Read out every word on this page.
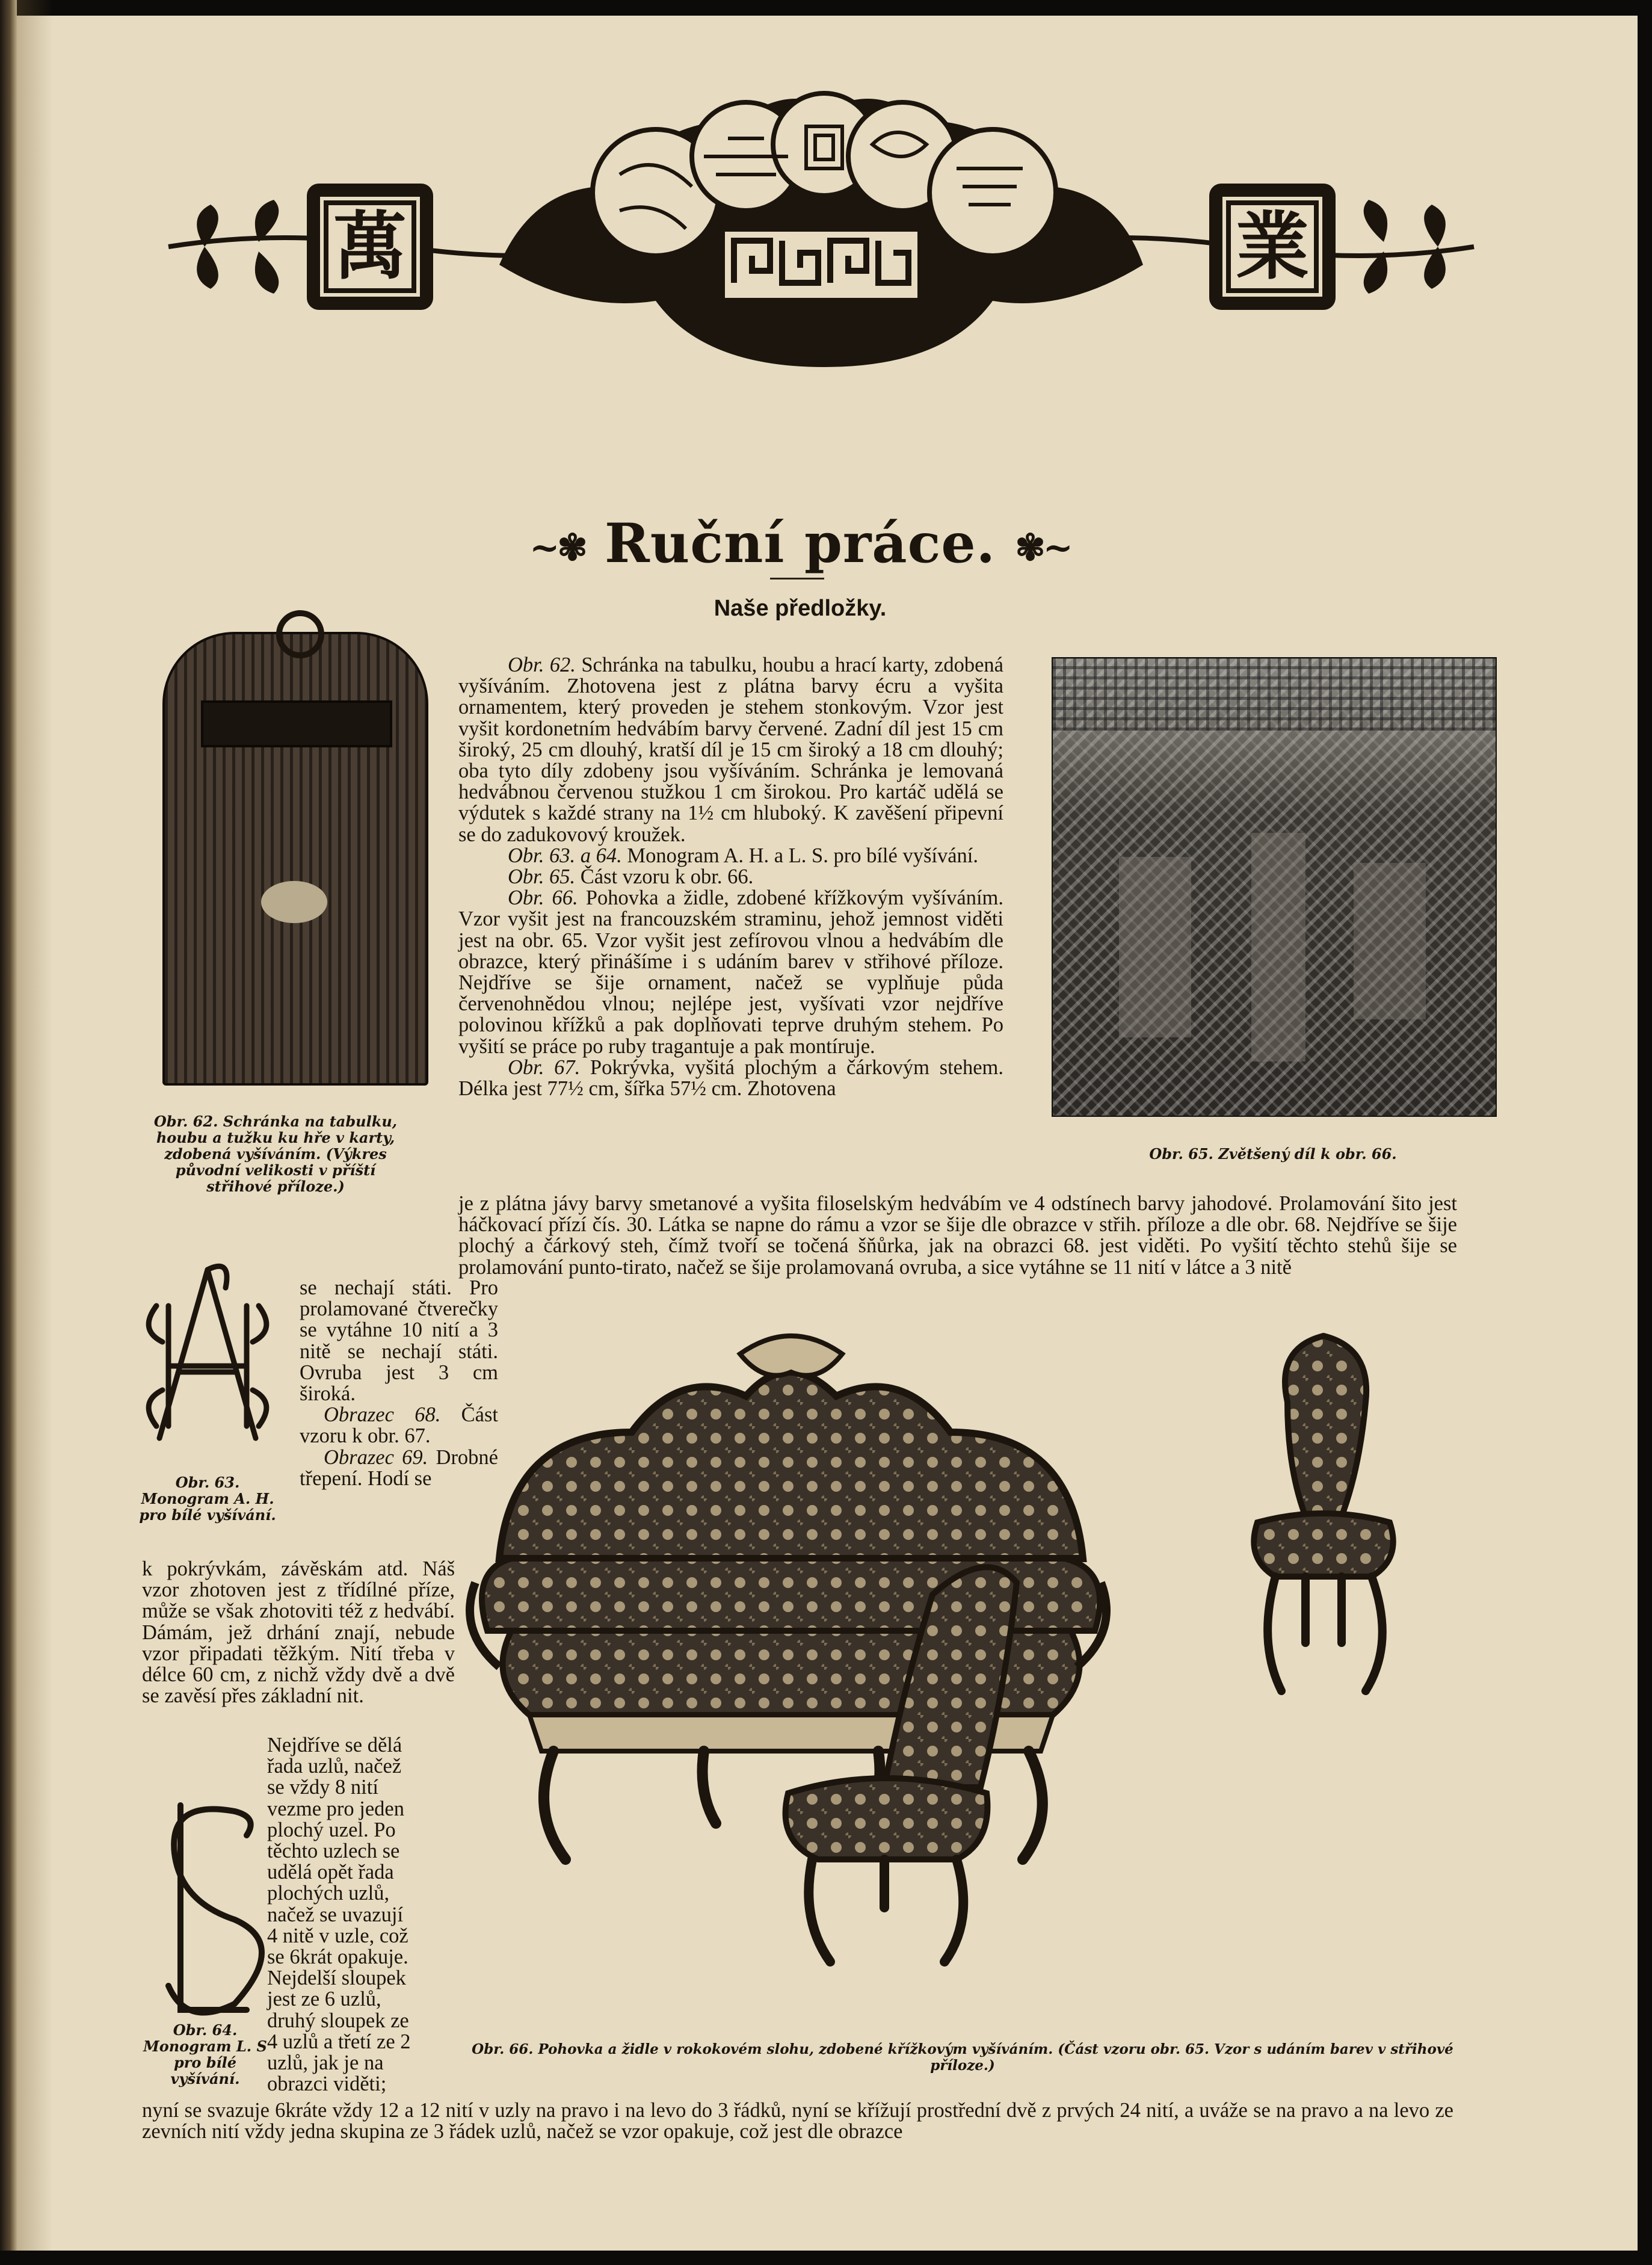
萬	業
~✾ Ruční práce. ✾~
Naše předložky.

Obr. 62. Schránka na tabulku, houbu a tužku ku hře v karty, zdobená vyšíváním. (Výkres původní velikosti v příští střihové příloze.)

Obr. 62. Schránka na tabulku, houbu a hrací karty, zdobená vyšíváním. Zhotovena jest z plátna barvy écru a vyšita ornamentem, který proveden je stehem stonkovým. Vzor jest vyšit kordonetním hedvábím barvy červené. Zadní díl jest 15 cm široký, 25 cm dlouhý, kratší díl je 15 cm široký a 18 cm dlouhý; oba tyto díly zdobeny jsou vyšíváním. Schránka je lemovaná hedvábnou červenou stužkou 1 cm širokou. Pro kartáč udělá se výdutek s každé strany na 1½ cm hluboký. K zavěšení připevní se do zadukovový kroužek.

Obr. 63. a 64. Monogram A. H. a L. S. pro bílé vyšívání.

Obr. 65. Část vzoru k obr. 66.

Obr. 66. Pohovka a židle, zdobené křížkovým vyšíváním. Vzor vyšit jest na francouzském straminu, jehož jemnost viděti jest na obr. 65. Vzor vyšit jest zefírovou vlnou a hedvábím dle obrazce, který přinášíme i s udáním barev v střihové příloze. Nejdříve se šije ornament, načež se vyplňuje půda červenohnědou vlnou; nejlépe jest, vyšívati vzor nejdříve polovinou křížků a pak doplňovati teprve druhým stehem. Po vyšití se práce po ruby tragantuje a pak montíruje.

Obr. 67. Pokrývka, vyšitá plochým a čárkovým stehem. Délka jest 77½ cm, šířka 57½ cm. Zhotovena

Obr. 65. Zvětšený díl k obr. 66.

je z plátna jávy barvy smetanové a vyšita filoselským hedvábím ve 4 odstínech barvy jahodové. Prolamování šito jest háčkovací přízí čís. 30. Látka se napne do rámu a vzor se šije dle obrazce v střih. příloze a dle obr. 68. Nejdříve se šije plochý a čárkový steh, čímž tvoří se točená šňůrka, jak na obrazci 68. jest viděti. Po vyšití těchto stehů šije se prolamování punto-tirato, načež se šije prolamovaná ovruba, a sice vytáhne se 11 nití v látce a 3 nitě

Obr. 63. Monogram A. H. pro bílé vyšívání.

se nechají státi. Pro prolamované čtverečky se vytáhne 10 nití a 3 nitě se nechají státi. Ovruba jest 3 cm široká.

Obrazec 68. Část vzoru k obr. 67.

Obrazec 69. Drobné třepení. Hodí se

k pokrývkám, závěskám atd. Náš vzor zhotoven jest z třídílné příze, může se však zhotoviti též z hedvábí. Dámám, jež drhání znají, nebude vzor připadati těžkým. Nití třeba v délce 60 cm, z nichž vždy dvě a dvě se zavěsí přes základní nit.

Obr. 64. Monogram L. S pro bílé vyšívání.

Nejdříve se dělá řada uzlů, načež se vždy 8 nití vezme pro jeden plochý uzel. Po těchto uzlech se udělá opět řada plochých uzlů, načež se uvazují 4 nitě v uzle, což se 6krát opakuje. Nejdelší sloupek jest ze 6 uzlů, druhý sloupek ze 4 uzlů a třetí ze 2 uzlů, jak je na obrazci viděti;

Obr. 66. Pohovka a židle v rokokovém slohu, zdobené křížkovým vyšíváním. (Část vzoru obr. 65. Vzor s udáním barev v střihové příloze.)

nyní se svazuje 6kráte vždy 12 a 12 nití v uzly na pravo i na levo do 3 řádků, nyní se křížují prostřední dvě z prvých 24 nití, a uváže se na pravo a na levo ze zevních nití vždy jedna skupina ze 3 řádek uzlů, načež se vzor opakuje, což jest dle obrazce
